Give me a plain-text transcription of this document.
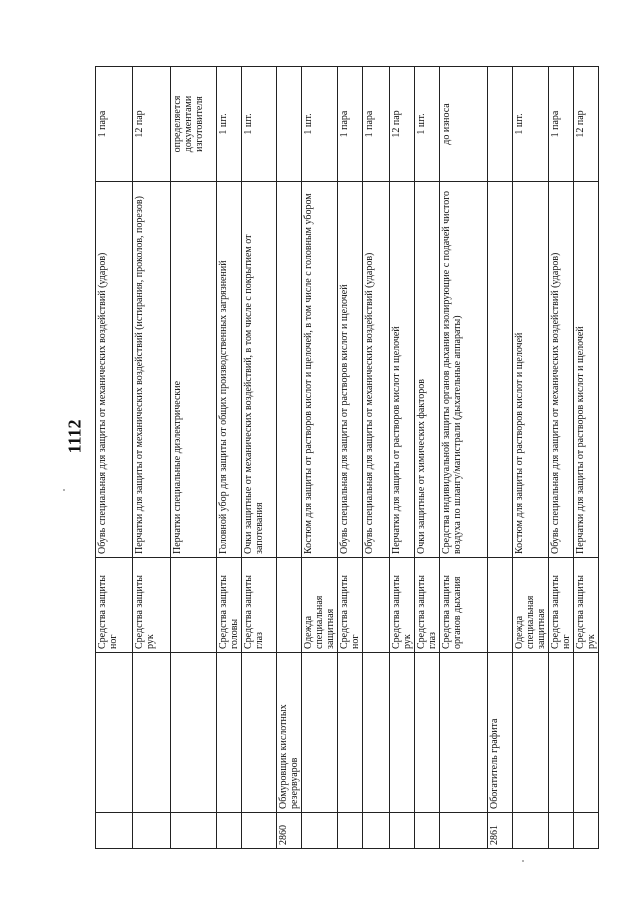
1112
		Средства защиты ног	Обувь специальная для защиты от механических воздействий (ударов)	1 пара
		Средства защиты рук	Перчатки для защиты от механических воздействий (истирания, проколов, порезов)	12 пар
			Перчатки специальные диэлектрические	определяется документами изготовителя
		Средства защиты головы	Головной убор для защиты от общих производственных загрязнений	1 шт.
		Средства защиты глаз	Очки защитные от механических воздействий, в том числе с покрытием от запотевания	1 шт.
2860	Обмуровщик кислотных резервуаров			
		Одежда специальная защитная	Костюм для защиты от растворов кислот и щелочей, в том числе с головным убором	1 шт.
		Средства защиты ног	Обувь специальная для защиты от растворов кислот и щелочей	1 пара
			Обувь специальная для защиты от механических воздействий (ударов)	1 пара
		Средства защиты рук	Перчатки для защиты от растворов кислот и щелочей	12 пар
		Средства защиты глаз	Очки защитные от химических факторов	1 шт.
		Средства защиты органов дыхания	Средства индивидуальной защиты органов дыхания изолирующие с подачей чистого воздуха по шлангу/магистрали (дыхательные аппараты)	до износа
2861	Обогатитель графита			
		Одежда специальная защитная	Костюм для защиты от растворов кислот и щелочей	1 шт.
		Средства защиты ног	Обувь специальная для защиты от механических воздействий (ударов)	1 пара
		Средства защиты рук	Перчатки для защиты от растворов кислот и щелочей	12 пар
